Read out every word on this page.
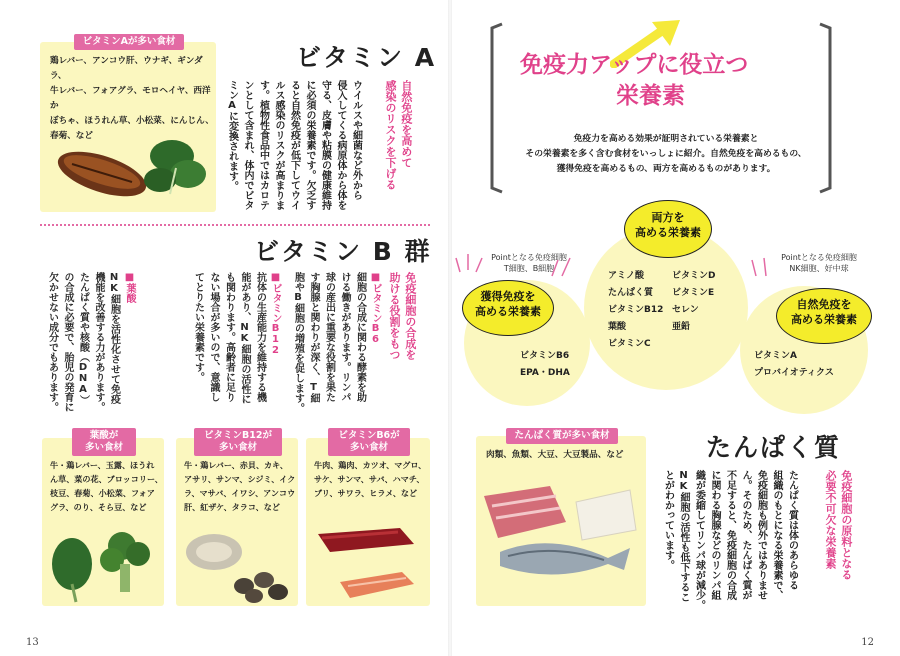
ビタミンAが多い食材
鶏レバー、アンコウ肝、ウナギ、ギンダラ、
牛レバー、フォアグラ、モロヘイヤ、西洋か
ぼちゃ、ほうれん草、小松菜、にんじん、
春菊、など
ビタミン A
自然免疫を高めて
感染のリスクを下げる
ウイルスや細菌など外から
侵入してくる病原体から体を
守る、皮膚や粘膜の健康維持
に必須の栄養素です。欠乏す
ると自然免疫が低下してウイ
ルス感染のリスクが高まりま
す。植物性食品中ではカロテ
ンとして含まれ、体内でビタ
ミンAに変換されます。
ビタミン B 群
免疫細胞の合成を
助ける役割をもつ
■ビタミンB6
細胞の合成に関わる酵素を助
ける働きがあります。リンパ
球の産出に重要な役割を果た
す胸腺と関わりが深く、T細
胞やB細胞の増殖を促します。
■ビタミンB12
抗体の生産能力を維持する機
能があり、NK細胞の活性に
も関わります。高齢者に足り
ない場合が多いので、意識し
てとりたい栄養素です。
■葉酸
NK細胞を活性化させて免疫
機能を改善する力があります。
たんぱく質や核酸（DNA）
の合成に必要で、胎児の発育に
欠かせない成分でもあります。
葉酸が
多い食材
牛・鶏レバー、玉露、ほうれ
ん草、菜の花、ブロッコリー、
枝豆、春菊、小松菜、フォア
グラ、のり、そら豆、など
ビタミンB12が
多い食材
牛・鶏レバー、赤貝、カキ、
アサリ、サンマ、シジミ、イク
ラ、マサバ、イワシ、アンコウ
肝、紅ザケ、タラコ、など
ビタミンB6が
多い食材
牛肉、鶏肉、カツオ、マグロ、
サケ、サンマ、サバ、ハマチ、
ブリ、サワラ、ヒラメ、など
13
免疫力アップに役立つ
栄養素
免疫力を高める効果が証明されている栄養素と
その栄養素を多く含む食材をいっしょに紹介。自然免疫を高めるもの、
獲得免疫を高めるもの、両方を高めるものがあります。
両方を
高める栄養素
アミノ酸
たんぱく質
ビタミンB12
葉酸
ビタミンC
ビタミンD
ビタミンE
セレン
亜鉛
Pointとなる免疫細胞
T細胞、B細胞
獲得免疫を
高める栄養素
ビタミンB6
EPA・DHA
Pointとなる免疫細胞
NK細胞、好中球
自然免疫を
高める栄養素
ビタミンA
プロバイオティクス
たんぱく質が多い食材
肉類、魚類、大豆、大豆製品、など	たんぱく質
免疫細胞の原料となる
必要不可欠な栄養素
たんぱく質は体のあらゆる
組織のもとになる栄養素で、
免疫細胞も例外ではありませ
ん。そのため、たんぱく質が
不足すると、免疫細胞の合成
に関わる胸腺などのリンパ組
織が委縮してリンパ球が減少。
NK細胞の活性も低下するこ
とがわかっています。
12
